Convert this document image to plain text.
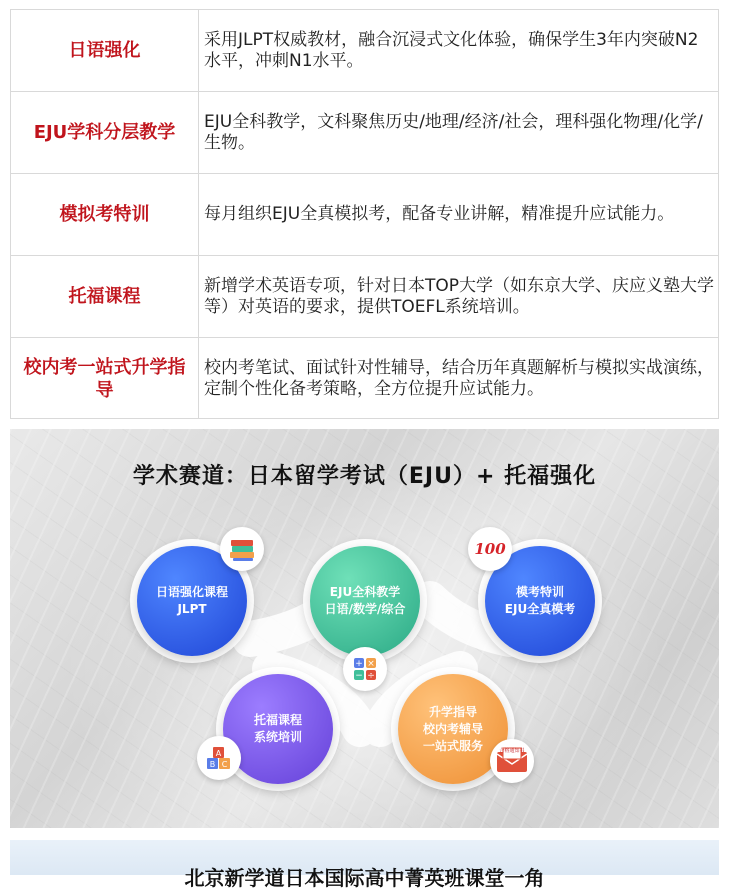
日语强化
采用JLPT权威教材，融合沉浸式文化体验，确保学生3年内突破N2水平，冲刺N1水平。
EJU学科分层教学
EJU全科教学，文科聚焦历史/地理/经济/社会，理科强化物理/化学/生物。
模拟考特训	每月组织EJU全真模拟考，配备专业讲解，精准提升应试能力。
托福课程
新增学术英语专项，针对日本TOP大学（如东京大学、庆应义塾大学等）对英语的要求，提供TOEFL系统培训。
校内考一站式升学指导
校内考笔试、面试针对性辅导，结合历年真题解析与模拟实战演练，定制个性化备考策略，全方位提升应试能力。
学术赛道：日本留学考试（EJU）+ 托福强化
日语强化课程
JLPT
EJU全科教学
日语/数学/综合
模考特训
EJU全真模考
100
+ ×
− ÷
托福课程
系统培训
A
B C
升学指导
校内考辅导
一站式服务	合格通知书
北京新学道日本国际高中菁英班课堂一角
